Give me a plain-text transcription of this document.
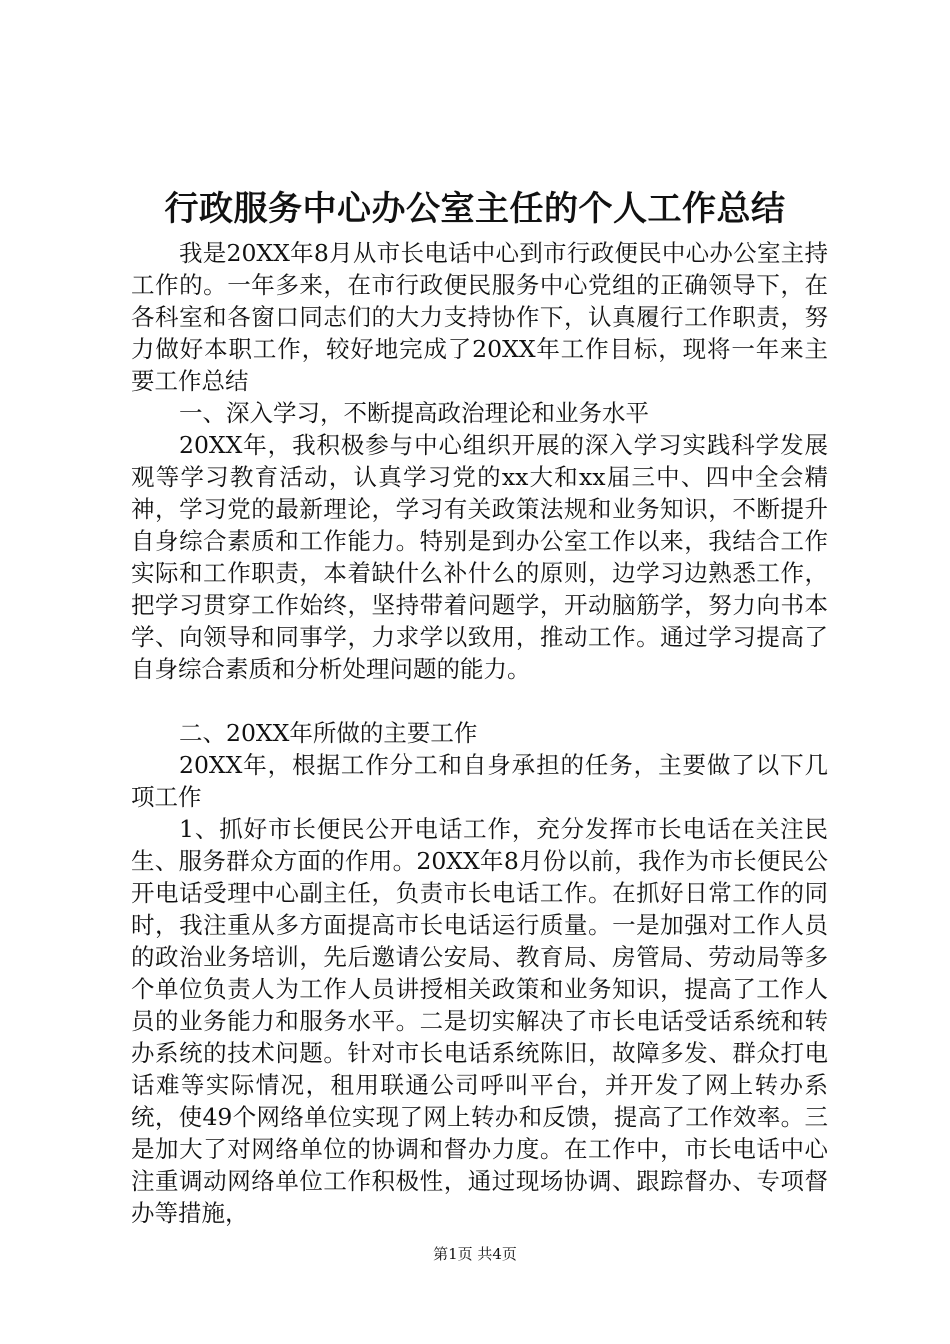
行政服务中心办公室主任的个人工作总结

我是20XX年8月从市长电话中心到市行政便民中心办公室主持工作的。一年多来，在市行政便民服务中心党组的正确领导下，在各科室和各窗口同志们的大力支持协作下，认真履行工作职责，努力做好本职工作，较好地完成了20XX年工作目标，现将一年来主要工作总结

一、深入学习，不断提高政治理论和业务水平

20XX年，我积极参与中心组织开展的深入学习实践科学发展观等学习教育活动，认真学习党的xx大和xx届三中、四中全会精神，学习党的最新理论，学习有关政策法规和业务知识，不断提升自身综合素质和工作能力。特别是到办公室工作以来，我结合工作实际和工作职责，本着缺什么补什么的原则，边学习边熟悉工作，把学习贯穿工作始终，坚持带着问题学，开动脑筋学，努力向书本学、向领导和同事学，力求学以致用，推动工作。通过学习提高了自身综合素质和分析处理问题的能力。

二、20XX年所做的主要工作

20XX年，根据工作分工和自身承担的任务，主要做了以下几项工作

1、抓好市长便民公开电话工作，充分发挥市长电话在关注民生、服务群众方面的作用。20XX年8月份以前，我作为市长便民公开电话受理中心副主任，负责市长电话工作。在抓好日常工作的同时，我注重从多方面提高市长电话运行质量。一是加强对工作人员的政治业务培训，先后邀请公安局、教育局、房管局、劳动局等多个单位负责人为工作人员讲授相关政策和业务知识，提高了工作人员的业务能力和服务水平。二是切实解决了市长电话受话系统和转办系统的技术问题。针对市长电话系统陈旧，故障多发、群众打电话难等实际情况，租用联通公司呼叫平台，并开发了网上转办系统，使49个网络单位实现了网上转办和反馈，提高了工作效率。三是加大了对网络单位的协调和督办力度。在工作中，市长电话中心注重调动网络单位工作积极性，通过现场协调、跟踪督办、专项督办等措施，

第1页 共4页
